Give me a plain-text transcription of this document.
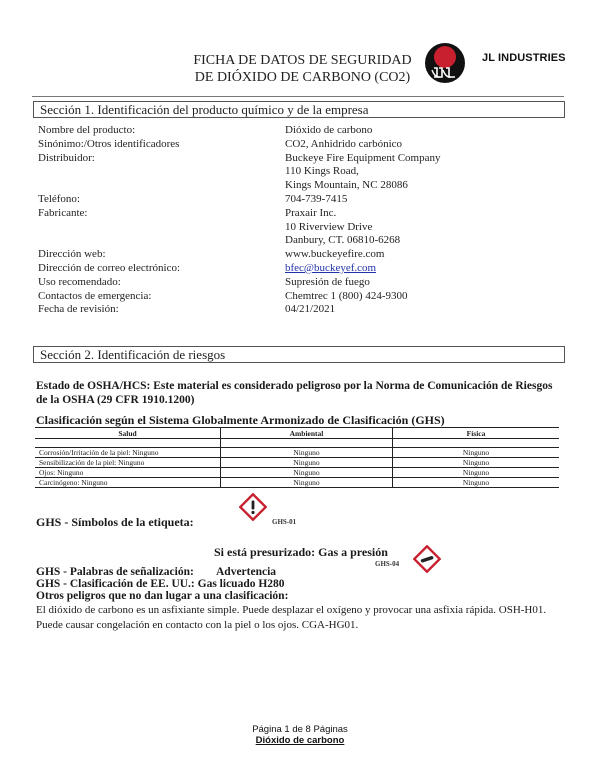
FICHA DE DATOS DE SEGURIDAD
DE DIÓXIDO DE CARBONO (CO2)
JL INDUSTRIES
Sección 1. Identificación del producto químico y de la empresa
Nombre del producto:	Dióxido de carbono
Sinónimo:/Otros identificadores	CO2, Anhidrido carbónico
Distribuidor:	Buckeye Fire Equipment Company
110 Kings Road,
Kings Mountain, NC 28086
Teléfono:	704-739-7415
Fabricante:	Praxair Inc.
10 Riverview Drive
Danbury, CT. 06810-6268
Dirección web:	www.buckeyefire.com
Dirección de correo electrónico:	bfec@buckeyef.com
Uso recomendado:	Supresión de fuego
Contactos de emergencia:	Chemtrec 1 (800) 424-9300
Fecha de revisión:	04/21/2021
Sección 2. Identificación de riesgos
Estado de OSHA/HCS: Este material es considerado peligroso por la Norma de Comunicación de Riesgos de la OSHA (29 CFR 1910.1200)
Clasificación según el Sistema Globalmente Armonizado de Clasificación (GHS)
Salud	Ambiental	Física

Corrosión/Irritación de la piel: Ninguno	Ninguno	Ninguno
Sensibilización de la piel: Ninguno	Ninguno	Ninguno
Ojos: Ninguno	Ninguno	Ninguno
Carcinógeno: Ninguno	Ninguno	Ninguno
GHS - Símbolos de la etiqueta:	GHS-01
Si está presurizado: Gas a presión
GHS-04
GHS - Palabras de señalización: Advertencia
GHS - Clasificación de EE. UU.: Gas licuado H280
Otros peligros que no dan lugar a una clasificación:
El dióxido de carbono es un asfixiante simple. Puede desplazar el oxígeno y provocar una asfixia rápida. OSH-H01.
Puede causar congelación en contacto con la piel o los ojos. CGA-HG01.
Página 1 de 8 Páginas
Dióxido de carbono
